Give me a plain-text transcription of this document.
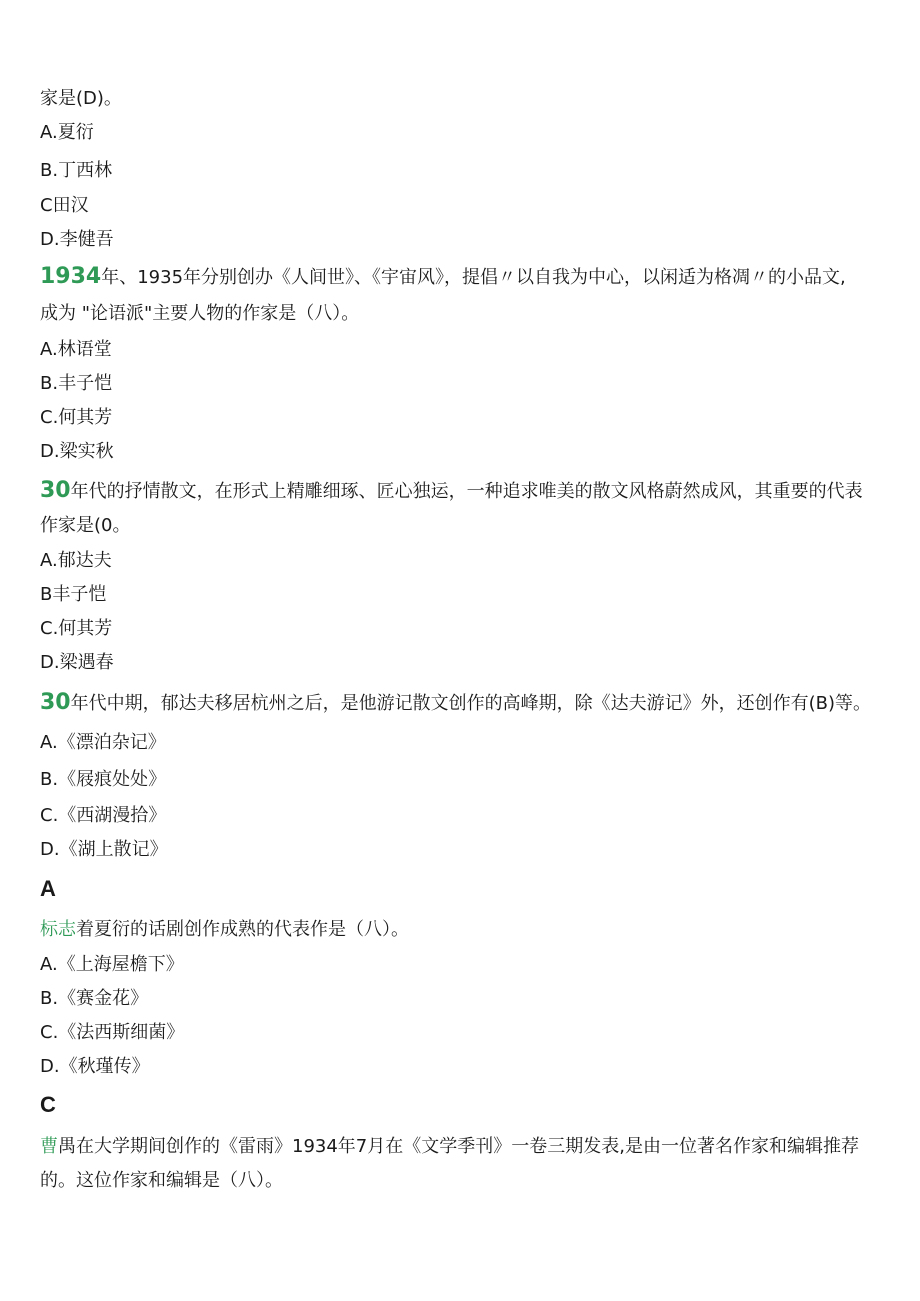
家是(D)。
A.夏衍
B.丁西林
C田汉
D.李健吾
1934年、1935年分别创办《人间世》、《宇宙风》，提倡〃以自我为中心，以闲适为格凋〃的小品文,
成为 "论语派"主要人物的作家是（八）。
A.林语堂
B.丰子恺
C.何其芳
D.梁实秋
30年代的抒情散文，在形式上精雕细琢、匠心独运，一种追求唯美的散文风格蔚然成风，其重要的代表
作家是(0。
A.郁达夫
B丰子恺
C.何其芳
D.梁遇春
30年代中期，郁达夫移居杭州之后，是他游记散文创作的高峰期，除《达夫游记》外，还创作有(B)等。
A.《漂泊杂记》
B.《屐痕处处》
C.《西湖漫拾》
D.《湖上散记》
A
标志着夏衍的话剧创作成熟的代表作是（八）。
A.《上海屋檐下》
B.《赛金花》
C.《法西斯细菌》
D.《秋瑾传》
C
曹禺在大学期间创作的《雷雨》1934年7月在《文学季刊》一卷三期发表,是由一位著名作家和编辑推荐
的。这位作家和编辑是（八）。
